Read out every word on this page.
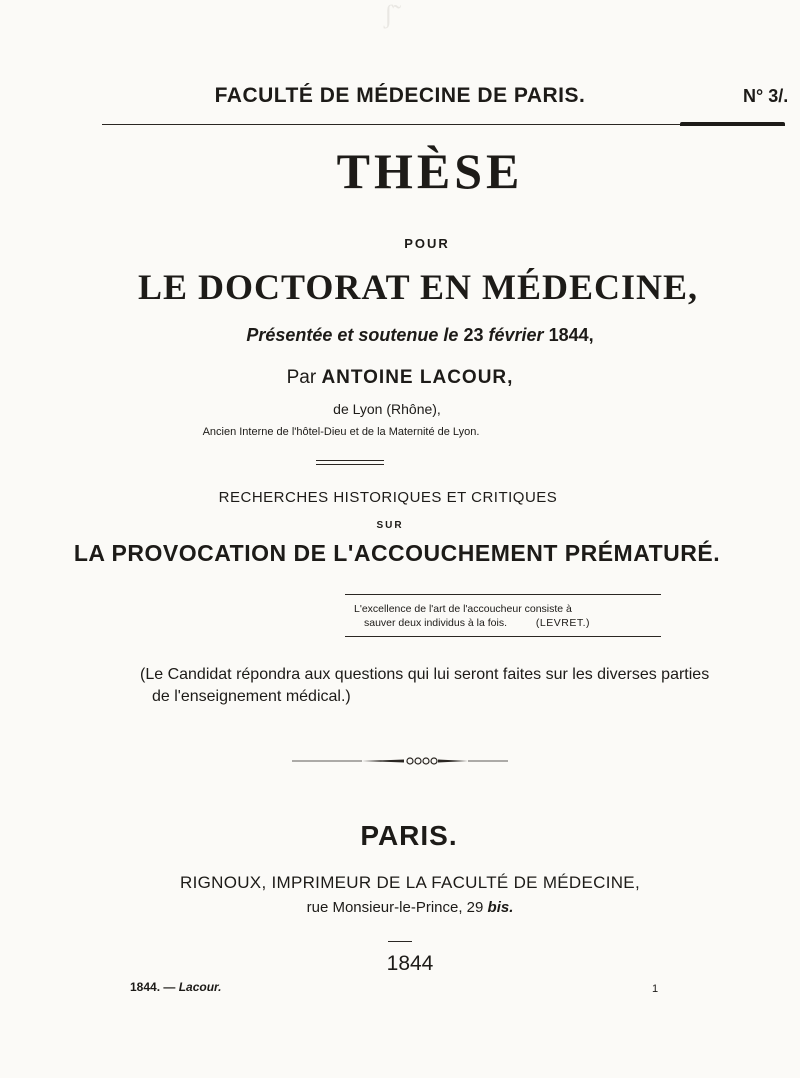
ʃ̃
FACULTÉ DE MÉDECINE DE PARIS.	N° 3/.
THÈSE
POUR
LE DOCTORAT EN MÉDECINE,
Présentée et soutenue le 23 février 1844,
Par ANTOINE LACOUR,
de Lyon (Rhône),
Ancien Interne de l'hôtel-Dieu et de la Maternité de Lyon.
RECHERCHES HISTORIQUES ET CRITIQUES
SUR
LA PROVOCATION DE L'ACCOUCHEMENT PRÉMATURÉ.
L'excellence de l'art de l'accoucheur consiste à
sauver deux individus à la fois.	(LEVRET.)
(Le Candidat répondra aux questions qui lui seront faites sur les diverses parties
de l'enseignement médical.)
PARIS.
RIGNOUX, IMPRIMEUR DE LA FACULTÉ DE MÉDECINE,
rue Monsieur-le-Prince, 29 bis.
1844
1844. — Lacour.	1
